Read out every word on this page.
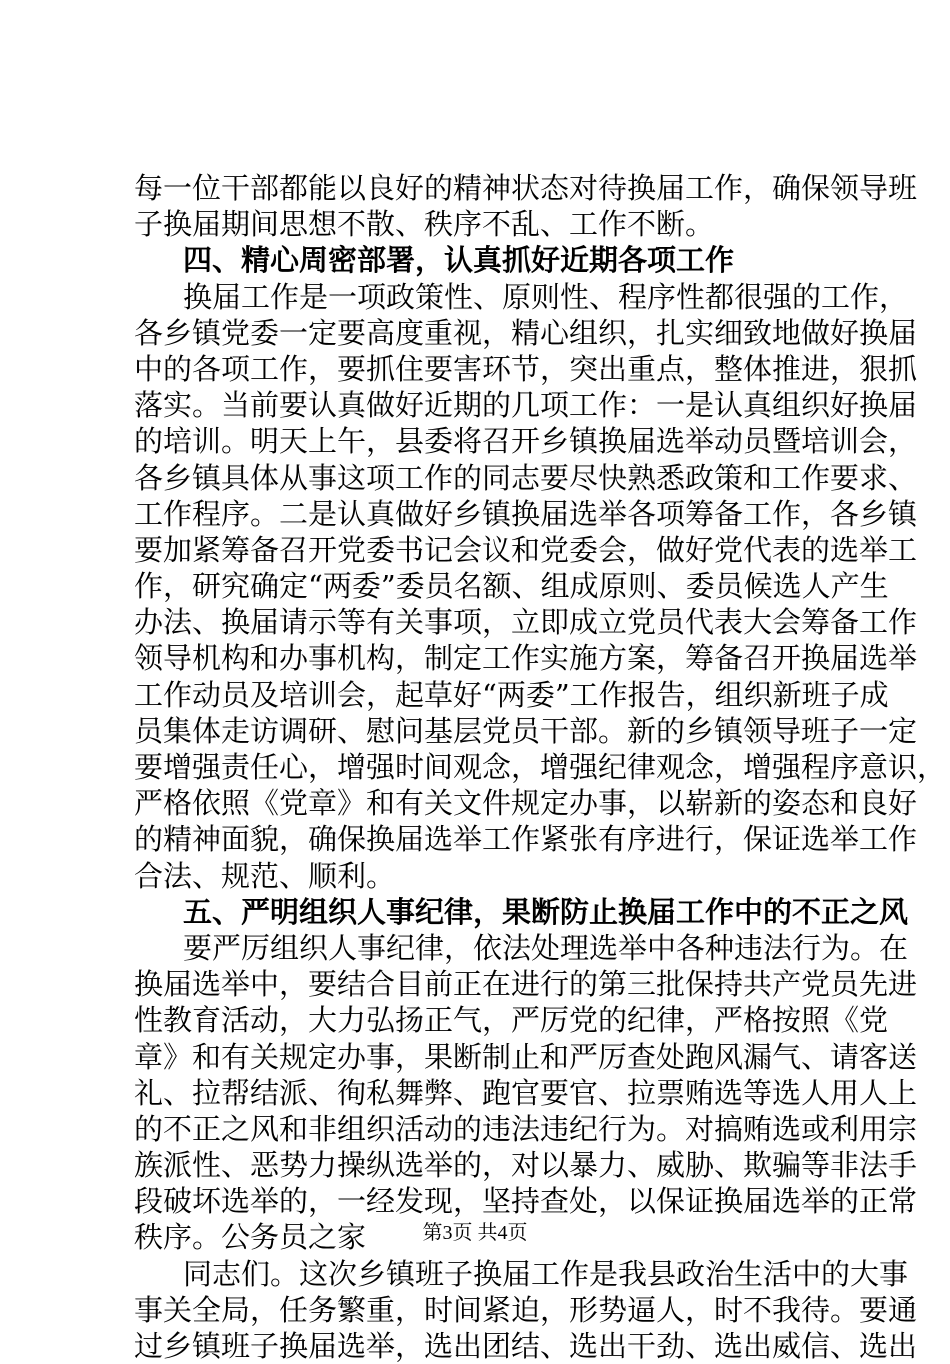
每一位干部都能以良好的精神状态对待换届工作，确保领导班
子换届期间思想不散、秩序不乱、工作不断。
四、精心周密部署，认真抓好近期各项工作
换届工作是一项政策性、原则性、程序性都很强的工作，
各乡镇党委一定要高度重视，精心组织，扎实细致地做好换届
中的各项工作，要抓住要害环节，突出重点，整体推进，狠抓
落实。当前要认真做好近期的几项工作：一是认真组织好换届
的培训。明天上午，县委将召开乡镇换届选举动员暨培训会，
各乡镇具体从事这项工作的同志要尽快熟悉政策和工作要求、
工作程序。二是认真做好乡镇换届选举各项筹备工作，各乡镇
要加紧筹备召开党委书记会议和党委会，做好党代表的选举工
作，研究确定“两委”委员名额、组成原则、委员候选人产生
办法、换届请示等有关事项，立即成立党员代表大会筹备工作
领导机构和办事机构，制定工作实施方案，筹备召开换届选举
工作动员及培训会，起草好“两委”工作报告，组织新班子成
员集体走访调研、慰问基层党员干部。新的乡镇领导班子一定
要增强责任心，增强时间观念，增强纪律观念，增强程序意识，
严格依照《党章》和有关文件规定办事，以崭新的姿态和良好
的精神面貌，确保换届选举工作紧张有序进行，保证选举工作
合法、规范、顺利。
五、严明组织人事纪律，果断防止换届工作中的不正之风
要严厉组织人事纪律，依法处理选举中各种违法行为。在
换届选举中，要结合目前正在进行的第三批保持共产党员先进
性教育活动，大力弘扬正气，严厉党的纪律，严格按照《党
章》和有关规定办事，果断制止和严厉查处跑风漏气、请客送
礼、拉帮结派、徇私舞弊、跑官要官、拉票贿选等选人用人上
的不正之风和非组织活动的违法违纪行为。对搞贿选或利用宗
族派性、恶势力操纵选举的，对以暴力、威胁、欺骗等非法手
段破坏选举的，一经发现，坚持查处，以保证换届选举的正常
秩序。公务员之家
同志们。这次乡镇班子换届工作是我县政治生活中的大事
事关全局，任务繁重，时间紧迫，形势逼人，时不我待。要通
过乡镇班子换届选举，选出团结、选出干劲、选出威信、选出
第3页 共4页
